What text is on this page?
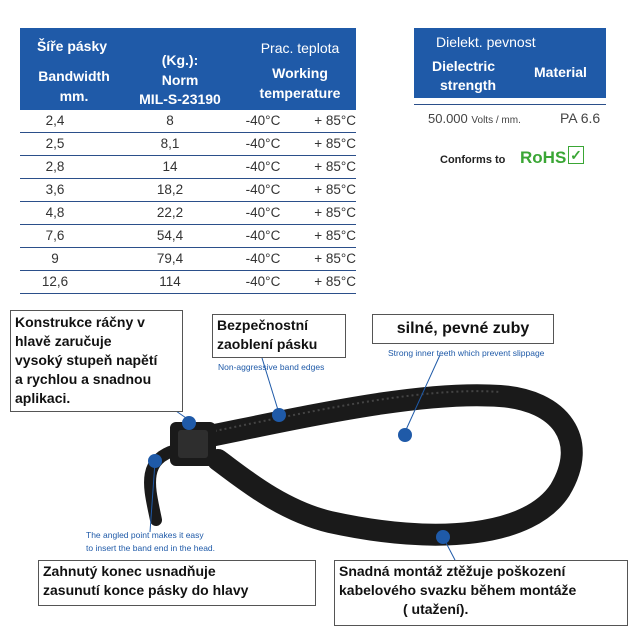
Šíře pásky
Bandwidth
mm.
(Kg.):
Norm
MIL-S-23190
Prac. teplota
Working
temperature
2,4	8	-40°C	+ 85°C
2,5	8,1	-40°C	+ 85°C
2,8	14	-40°C	+ 85°C
3,6	18,2	-40°C	+ 85°C
4,8	22,2	-40°C	+ 85°C
7,6	54,4	-40°C	+ 85°C
9	79,4	-40°C	+ 85°C
12,6	114	-40°C	+ 85°C
Dielekt. pevnost
Dielectric
strength
Material
50.000 Volts / mm.	PA 6.6
Conforms to RoHS ✓
Konstrukce ráčny v
hlavě zaručuje
vysoký stupeň napětí
a rychlou a snadnou
aplikaci.
Bezpečnostní
zaoblení pásku
Non-aggressive band edges
silné, pevné zuby
Strong inner teeth which prevent slippage
The angled point makes it easy
to insert the band end in the head.
Zahnutý konec usnadňuje
zasunutí konce pásky do hlavy
Snadná montáž ztěžuje poškození
kabelového svazku během montáže
( utažení).
